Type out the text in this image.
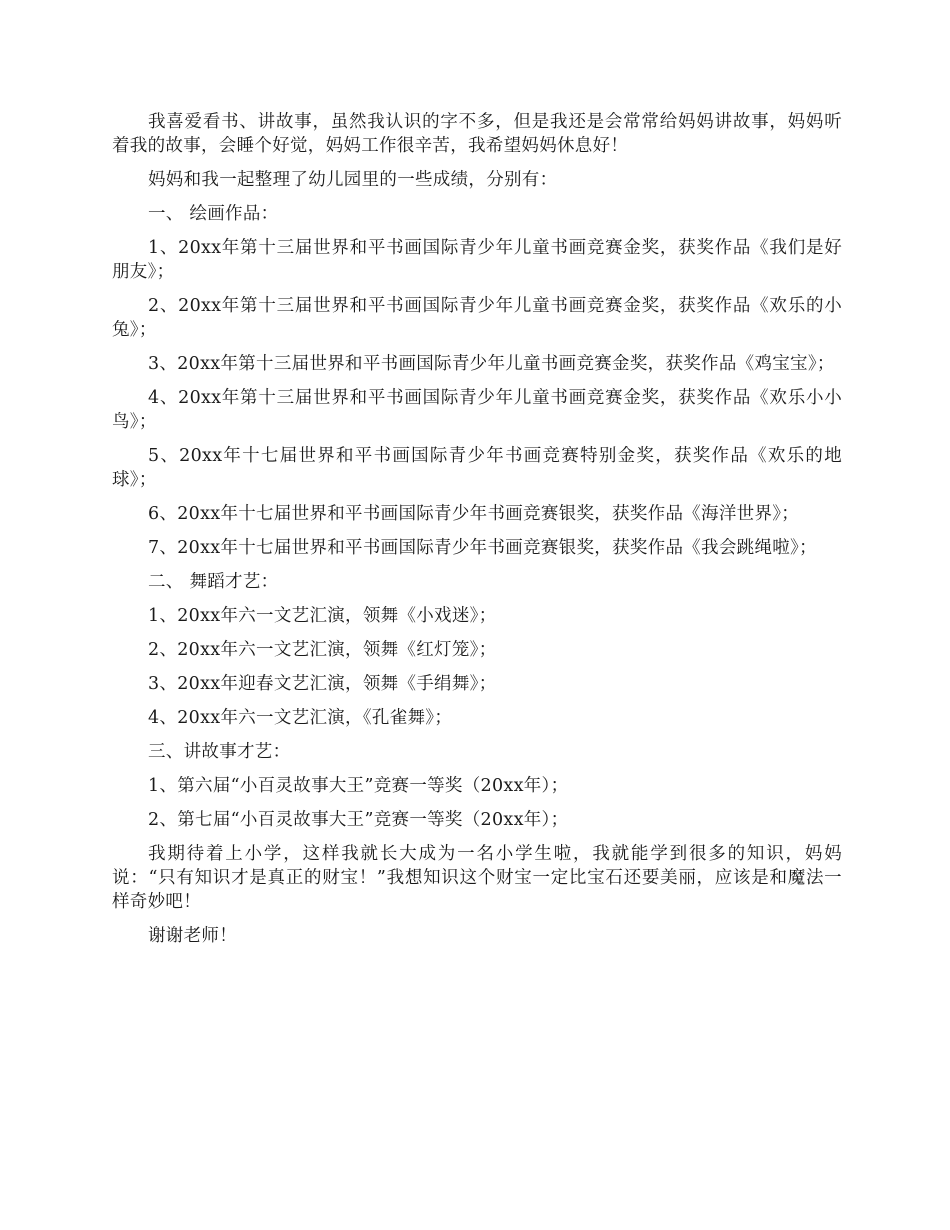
我喜爱看书、讲故事，虽然我认识的字不多，但是我还是会常常给妈妈讲故事，妈妈听着我的故事，会睡个好觉，妈妈工作很辛苦，我希望妈妈休息好！

妈妈和我一起整理了幼儿园里的一些成绩，分别有：

一、 绘画作品：

1、20xx年第十三届世界和平书画国际青少年儿童书画竞赛金奖，获奖作品《我们是好朋友》；

2、20xx年第十三届世界和平书画国际青少年儿童书画竞赛金奖，获奖作品《欢乐的小兔》；

3、20xx年第十三届世界和平书画国际青少年儿童书画竞赛金奖，获奖作品《鸡宝宝》；

4、20xx年第十三届世界和平书画国际青少年儿童书画竞赛金奖，获奖作品《欢乐小小鸟》；

5、20xx年十七届世界和平书画国际青少年书画竞赛特别金奖，获奖作品《欢乐的地球》；

6、20xx年十七届世界和平书画国际青少年书画竞赛银奖，获奖作品《海洋世界》；

7、20xx年十七届世界和平书画国际青少年书画竞赛银奖，获奖作品《我会跳绳啦》；

二、 舞蹈才艺：

1、20xx年六一文艺汇演，领舞《小戏迷》；

2、20xx年六一文艺汇演，领舞《红灯笼》；

3、20xx年迎春文艺汇演，领舞《手绢舞》；

4、20xx年六一文艺汇演，《孔雀舞》；

三、讲故事才艺：

1、第六届“小百灵故事大王”竞赛一等奖（20xx年）；

2、第七届“小百灵故事大王”竞赛一等奖（20xx年）；

我期待着上小学，这样我就长大成为一名小学生啦，我就能学到很多的知识，妈妈说：“只有知识才是真正的财宝！”我想知识这个财宝一定比宝石还要美丽，应该是和魔法一样奇妙吧！

谢谢老师！
